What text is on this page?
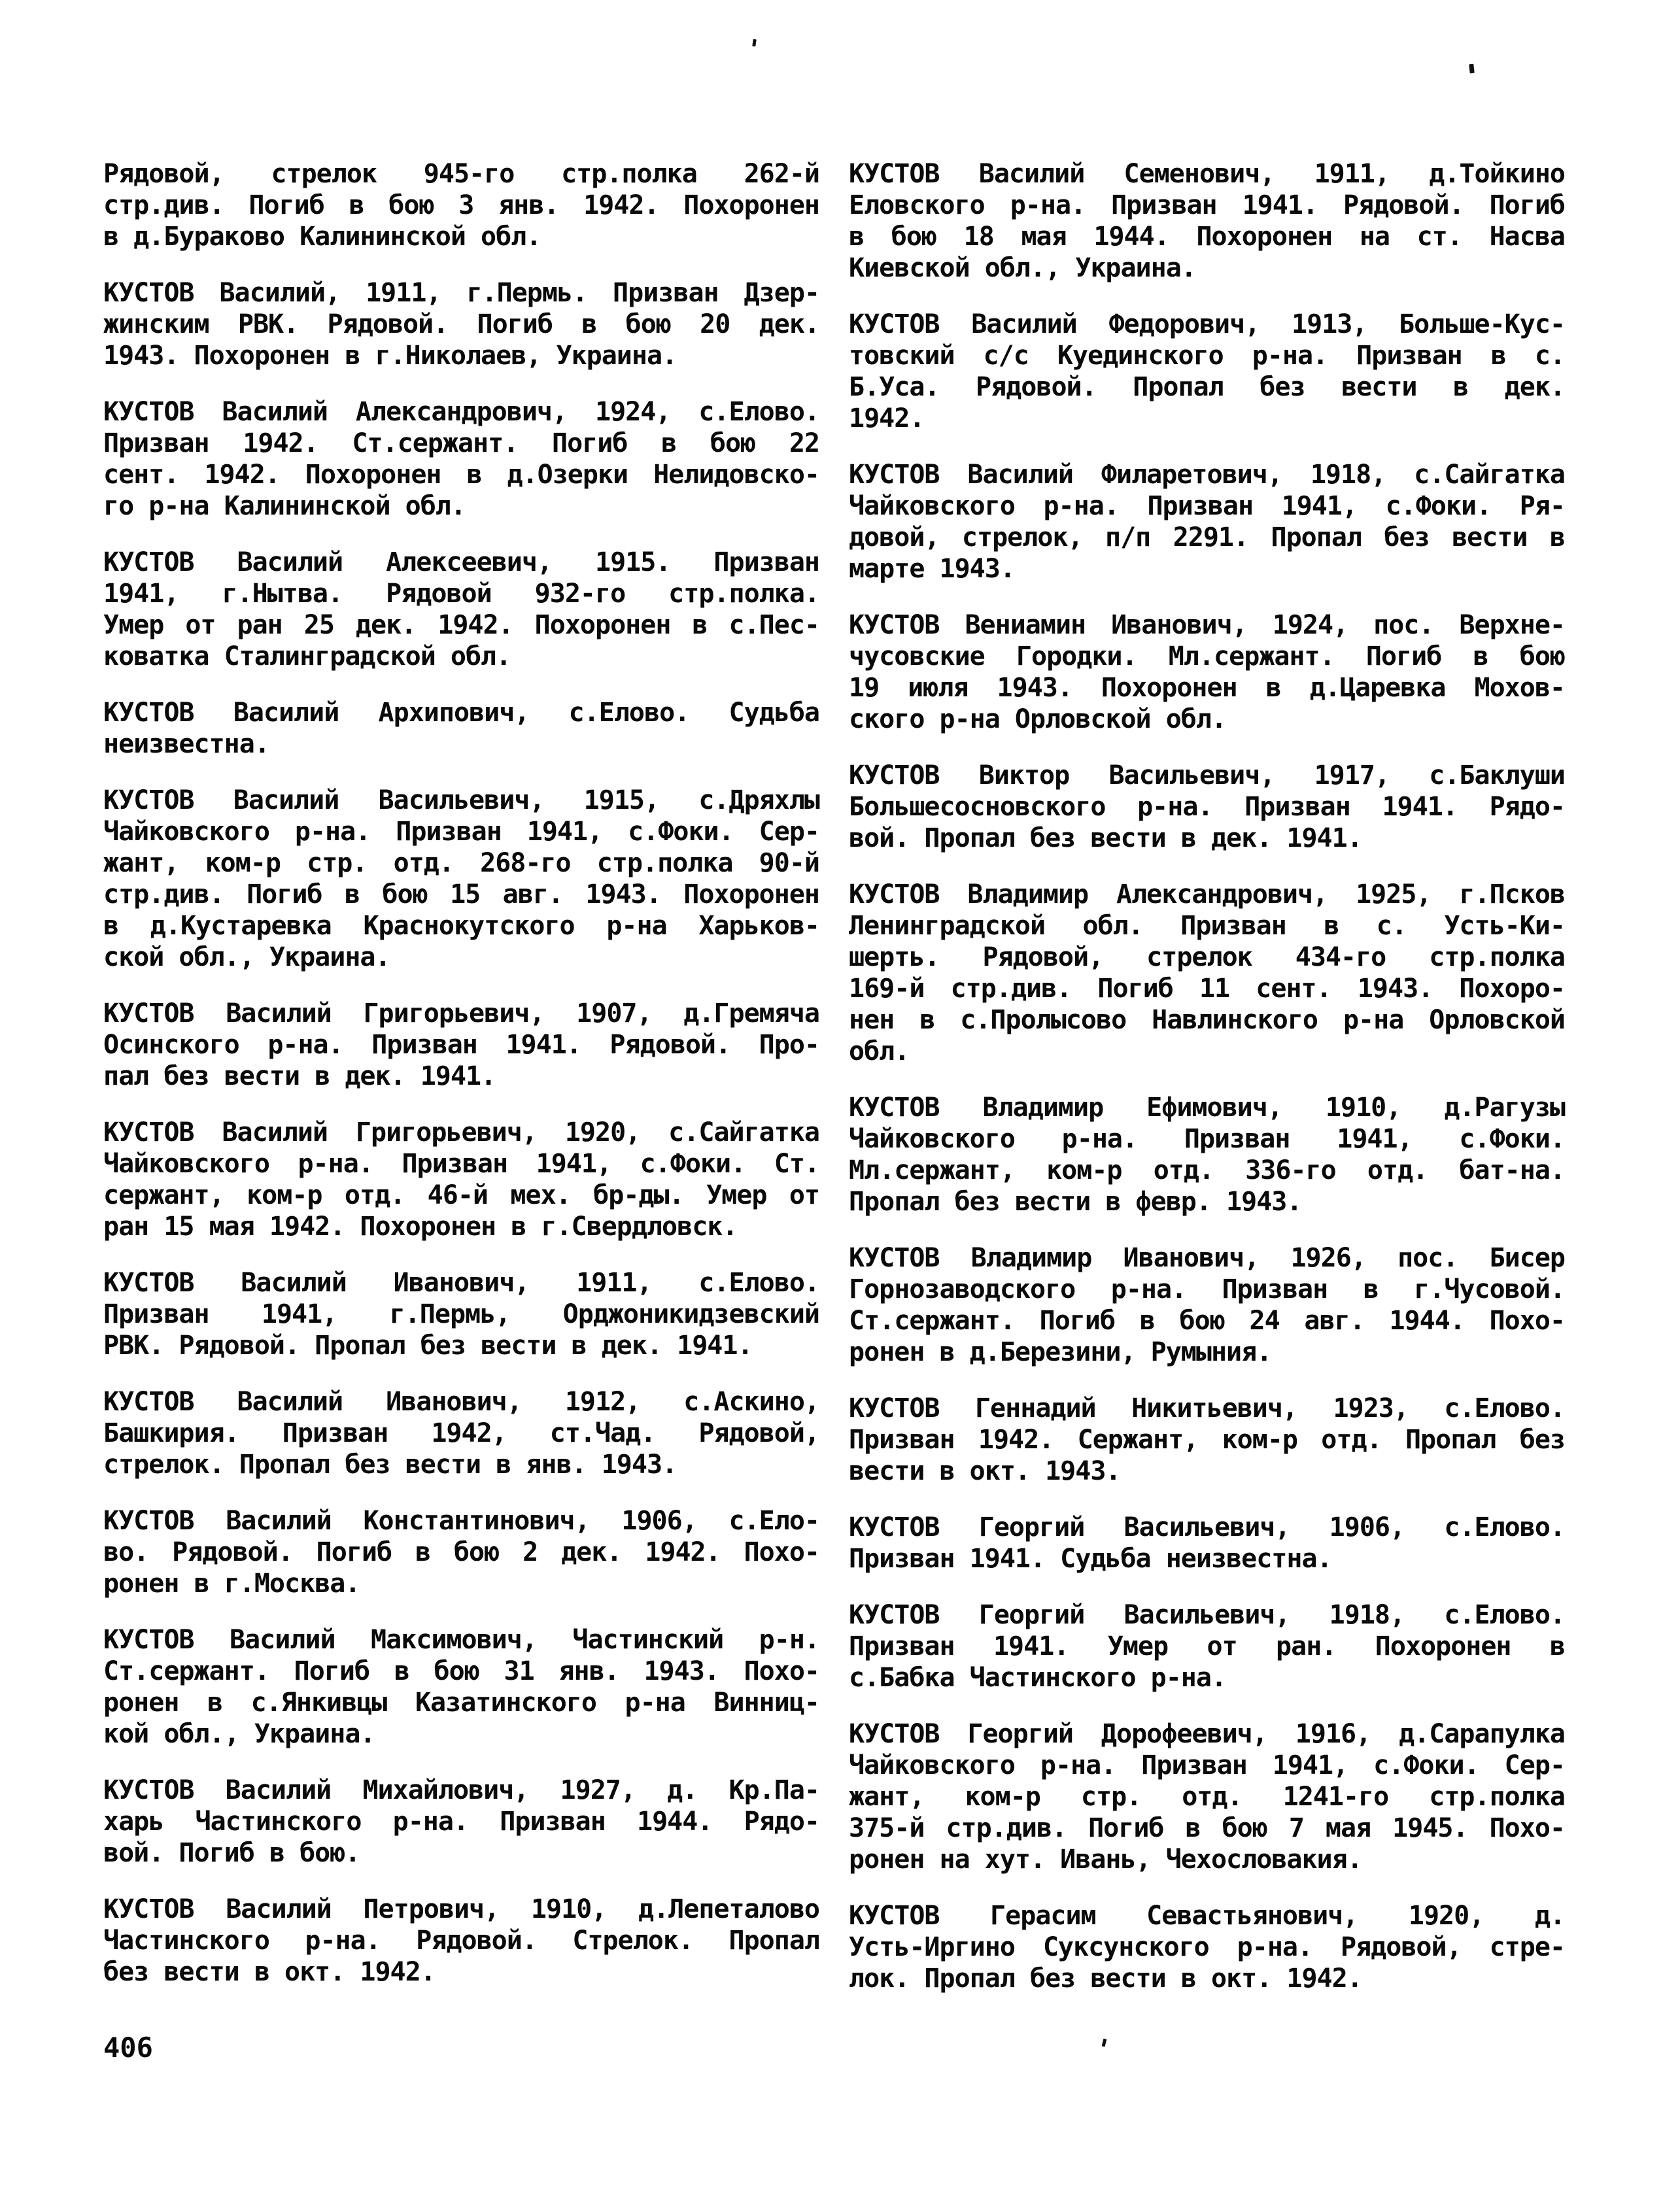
Рядовой, стрелок 945-го стр.полка 262-й
стр.див. Погиб в бою 3 янв. 1942. Похоронен
в д.Бураково Калининской обл.
КУСТОВ Василий, 1911, г.Пермь. Призван Дзер-
жинским РВК. Рядовой. Погиб в бою 20 дек.
1943. Похоронен в г.Николаев, Украина.
КУСТОВ Василий Александрович, 1924, с.Елово.
Призван 1942. Ст.сержант. Погиб в бою 22
сент. 1942. Похоронен в д.Озерки Нелидовско-
го р-на Калининской обл.
КУСТОВ Василий Алексеевич, 1915. Призван
1941, г.Нытва. Рядовой 932-го стр.полка.
Умер от ран 25 дек. 1942. Похоронен в с.Пес-
коватка Сталинградской обл.
КУСТОВ Василий Архипович, с.Елово. Судьба
неизвестна.
КУСТОВ Василий Васильевич, 1915, с.Дряхлы
Чайковского р-на. Призван 1941, с.Фоки. Сер-
жант, ком-р стр. отд. 268-го стр.полка 90-й
стр.див. Погиб в бою 15 авг. 1943. Похоронен
в д.Кустаревка Краснокутского р-на Харьков-
ской обл., Украина.
КУСТОВ Василий Григорьевич, 1907, д.Гремяча
Осинского р-на. Призван 1941. Рядовой. Про-
пал без вести в дек. 1941.
КУСТОВ Василий Григорьевич, 1920, с.Сайгатка
Чайковского р-на. Призван 1941, с.Фоки. Ст.
сержант, ком-р отд. 46-й мех. бр-ды. Умер от
ран 15 мая 1942. Похоронен в г.Свердловск.
КУСТОВ Василий Иванович, 1911, с.Елово.
Призван 1941, г.Пермь, Орджоникидзевский
РВК. Рядовой. Пропал без вести в дек. 1941.
КУСТОВ Василий Иванович, 1912, с.Аскино,
Башкирия. Призван 1942, ст.Чад. Рядовой,
стрелок. Пропал без вести в янв. 1943.
КУСТОВ Василий Константинович, 1906, с.Ело-
во. Рядовой. Погиб в бою 2 дек. 1942. Похо-
ронен в г.Москва.
КУСТОВ Василий Максимович, Частинский р-н.
Ст.сержант. Погиб в бою 31 янв. 1943. Похо-
ронен в с.Янкивцы Казатинского р-на Винниц-
кой обл., Украина.
КУСТОВ Василий Михайлович, 1927, д. Кр.Па-
харь Частинского р-на. Призван 1944. Рядо-
вой. Погиб в бою.
КУСТОВ Василий Петрович, 1910, д.Лепеталово
Частинского р-на. Рядовой. Стрелок. Пропал
без вести в окт. 1942.
КУСТОВ Василий Семенович, 1911, д.Тойкино
Еловского р-на. Призван 1941. Рядовой. Погиб
в бою 18 мая 1944. Похоронен на ст. Насва
Киевской обл., Украина.
КУСТОВ Василий Федорович, 1913, Больше-Кус-
товский с/с Куединского р-на. Призван в с.
Б.Уса. Рядовой. Пропал без вести в дек.
1942.
КУСТОВ Василий Филаретович, 1918, с.Сайгатка
Чайковского р-на. Призван 1941, с.Фоки. Ря-
довой, стрелок, п/п 2291. Пропал без вести в
марте 1943.
КУСТОВ Вениамин Иванович, 1924, пос. Верхне-
чусовские Городки. Мл.сержант. Погиб в бою
19 июля 1943. Похоронен в д.Царевка Мохов-
ского р-на Орловской обл.
КУСТОВ Виктор Васильевич, 1917, с.Баклуши
Большесосновского р-на. Призван 1941. Рядо-
вой. Пропал без вести в дек. 1941.
КУСТОВ Владимир Александрович, 1925, г.Псков
Ленинградской обл. Призван в с. Усть-Ки-
шерть. Рядовой, стрелок 434-го стр.полка
169-й стр.див. Погиб 11 сент. 1943. Похоро-
нен в с.Пролысово Навлинского р-на Орловской
обл.
КУСТОВ Владимир Ефимович, 1910, д.Рагузы
Чайковского р-на. Призван 1941, с.Фоки.
Мл.сержант, ком-р отд. 336-го отд. бат-на.
Пропал без вести в февр. 1943.
КУСТОВ Владимир Иванович, 1926, пос. Бисер
Горнозаводского р-на. Призван в г.Чусовой.
Ст.сержант. Погиб в бою 24 авг. 1944. Похо-
ронен в д.Березини, Румыния.
КУСТОВ Геннадий Никитьевич, 1923, с.Елово.
Призван 1942. Сержант, ком-р отд. Пропал без
вести в окт. 1943.
КУСТОВ Георгий Васильевич, 1906, с.Елово.
Призван 1941. Судьба неизвестна.
КУСТОВ Георгий Васильевич, 1918, с.Елово.
Призван 1941. Умер от ран. Похоронен в
с.Бабка Частинского р-на.
КУСТОВ Георгий Дорофеевич, 1916, д.Сарапулка
Чайковского р-на. Призван 1941, с.Фоки. Сер-
жант, ком-р стр. отд. 1241-го стр.полка
375-й стр.див. Погиб в бою 7 мая 1945. Похо-
ронен на хут. Ивань, Чехословакия.
КУСТОВ Герасим Севастьянович, 1920, д.
Усть-Иргино Суксунского р-на. Рядовой, стре-
лок. Пропал без вести в окт. 1942.
406
